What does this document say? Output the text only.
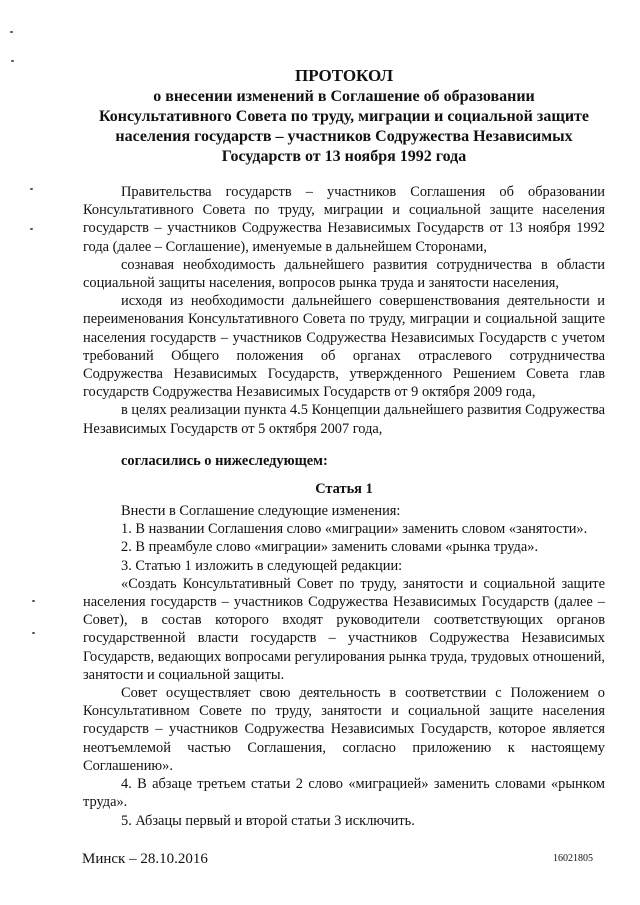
ПРОТОКОЛ
о внесении изменений в Соглашение об образовании
Консультативного Совета по труду, миграции и социальной защите
населения государств – участников Содружества Независимых
Государств от 13 ноября 1992 года

Правительства государств – участников Соглашения об образовании Консультативного Совета по труду, миграции и социальной защите населения государств – участников Содружества Независимых Государств от 13 ноября 1992 года (далее – Соглашение), именуемые в дальнейшем Сторонами,

сознавая необходимость дальнейшего развития сотрудничества в области социальной защиты населения, вопросов рынка труда и занятости населения,

исходя из необходимости дальнейшего совершенствования деятельности и переименования Консультативного Совета по труду, миграции и социальной защите населения государств – участников Содружества Независимых Государств с учетом требований Общего положения об органах отраслевого сотрудничества Содружества Независимых Государств, утвержденного Решением Совета глав государств Содружества Независимых Государств от 9 октября 2009 года,

в целях реализации пункта 4.5 Концепции дальнейшего развития Содружества Независимых Государств от 5 октября 2007 года,

согласились о нижеследующем:

Статья 1

Внести в Соглашение следующие изменения:

1. В названии Соглашения слово «миграции» заменить словом «занятости».

2. В преамбуле слово «миграции» заменить словами «рынка труда».

3. Статью 1 изложить в следующей редакции:

«Создать Консультативный Совет по труду, занятости и социальной защите населения государств – участников Содружества Независимых Государств (далее – Совет), в состав которого входят руководители соответствующих органов государственной власти государств – участников Содружества Независимых Государств, ведающих вопросами регулирования рынка труда, трудовых отношений, занятости и социальной защиты.

Совет осуществляет свою деятельность в соответствии с Положением о Консультативном Совете по труду, занятости и социальной защите населения государств – участников Содружества Независимых Государств, которое является неотъемлемой частью Соглашения, согласно приложению к настоящему Соглашению».

4. В абзаце третьем статьи 2 слово «миграцией» заменить словами «рынком труда».

5. Абзацы первый и второй статьи 3 исключить.

Минск – 28.10.2016	16021805
